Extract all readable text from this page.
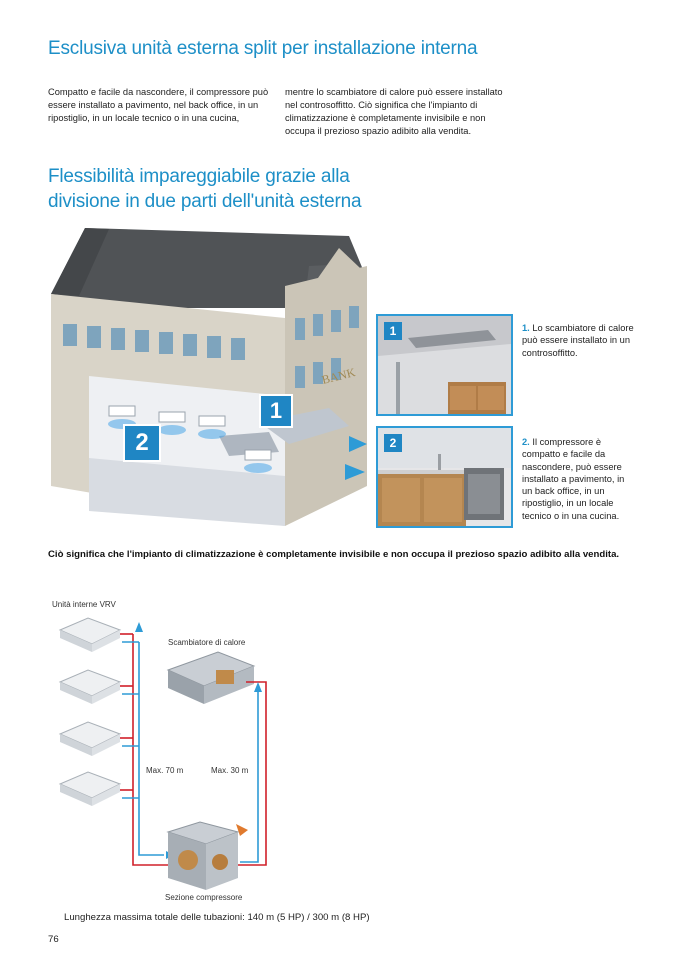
Esclusiva unità esterna split per installazione interna
Compatto e facile da nascondere, il compressore può essere installato a pavimento, nel back office, in un ripostiglio, in un locale tecnico o in una cucina,
mentre lo scambiatore di calore può essere installato nel controsoffitto. Ciò significa che l'impianto di climatizzazione è completamente invisibile e non occupa il prezioso spazio adibito alla vendita.
Flessibilità impareggiabile grazie alla divisione in due parti dell'unità esterna
BANK
1
2
1	1. Lo scambiatore di calore può essere installato in un controsoffitto.
2	2. Il compressore è compatto e facile da nascondere, può essere installato a pavimento, in un back office, in un ripostiglio, in un locale tecnico o in una cucina.
Ciò significa che l'impianto di climatizzazione è completamente invisibile e non occupa il prezioso spazio adibito alla vendita.
Unità interne VRV
Scambiatore di calore
Max. 70 m	Max. 30 m
Sezione compressore
Lunghezza massima totale delle tubazioni: 140 m (5 HP) / 300 m (8 HP)
76
